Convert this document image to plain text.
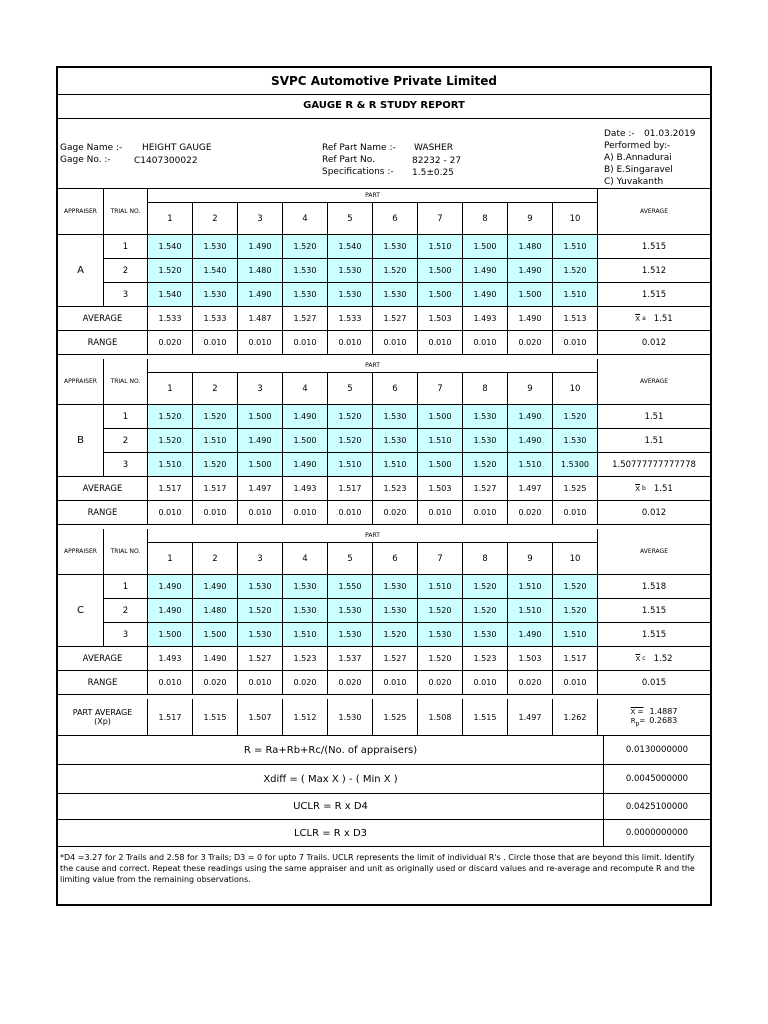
SVPC Automotive Private Limited
GAUGE R & R STUDY REPORT
Gage Name :- HEIGHT GAUGE
Gage No. :-	C1407300022
Ref Part Name :- WASHER
Ref Part No.	82232 - 27
Specifications :- 1.5±0.25
Date :- 01.03.2019
Performed by:-
A) B.Annadurai
B) E.Singaravel
C) Yuvakanth
APPRAISER	TRIAL NO.
PART
1	2	3	4	5	6	7	8	9	10
AVERAGE
A
1	1.540	1.530	1.490	1.520	1.540	1.530	1.510	1.500	1.480	1.510	1.515
2	1.520	1.540	1.480	1.530	1.530	1.520	1.500	1.490	1.490	1.520	1.512
3	1.540	1.530	1.490	1.530	1.530	1.530	1.500	1.490	1.500	1.510	1.515
AVERAGE	1.533	1.533	1.487	1.527	1.533	1.527	1.503	1.493	1.490	1.513	$\overline{X}$ a 1.51
RANGE	0.020	0.010	0.010	0.010	0.010	0.010	0.010	0.010	0.020	0.010	0.012
APPRAISER	TRIAL NO.
PART
1	2	3	4	5	6	7	8	9	10
AVERAGE
B
1	1.520	1.520	1.500	1.490	1.520	1.530	1.500	1.530	1.490	1.520	1.51
2	1.520	1.510	1.490	1.500	1.520	1.530	1.510	1.530	1.490	1.530	1.51
3	1.510	1.520	1.500	1.490	1.510	1.510	1.500	1.520	1.510	1.5300	1.50777777777778
AVERAGE	1.517	1.517	1.497	1.493	1.517	1.523	1.503	1.527	1.497	1.525	$\overline{X}$ b 1.51
RANGE	0.010	0.010	0.010	0.010	0.010	0.020	0.010	0.010	0.020	0.010	0.012
APPRAISER	TRIAL NO.
PART
1	2	3	4	5	6	7	8	9	10
AVERAGE
C
1	1.490	1.490	1.530	1.530	1.550	1.530	1.510	1.520	1.510	1.520	1.518
2	1.490	1.480	1.520	1.530	1.530	1.530	1.520	1.520	1.510	1.520	1.515
3	1.500	1.500	1.530	1.510	1.530	1.520	1.530	1.530	1.490	1.510	1.515
AVERAGE	1.493	1.490	1.527	1.523	1.537	1.527	1.520	1.523	1.503	1.517	$\overline{X}$ c 1.52
RANGE	0.010	0.020	0.010	0.020	0.020	0.010	0.020	0.010	0.020	0.010	0.015
PART AVERAGE
(Xp)	1.517	1.515	1.507	1.512	1.530	1.525	1.508	1.515	1.497	1.262
X = 1.4887
$R_p= 0.2683$
R = Ra+Rb+Rc/(No. of appraisers)	0.0130000000
Xdiff = ( Max X ) - ( Min X )	0.0045000000
UCLR = R x D4	0.0425100000
LCLR = R x D3	0.0000000000
*D4 =3.27 for 2 Trails and 2.58 for 3 Trails; D3 = 0 for upto 7 Trails. UCLR represents the limit of individual R's . Circle those that are beyond this limit. Identify the cause and correct. Repeat these readings using the same appraiser and unit as originally used or discard values and re-average and recompute R and the limiting value from the remaining observations.
